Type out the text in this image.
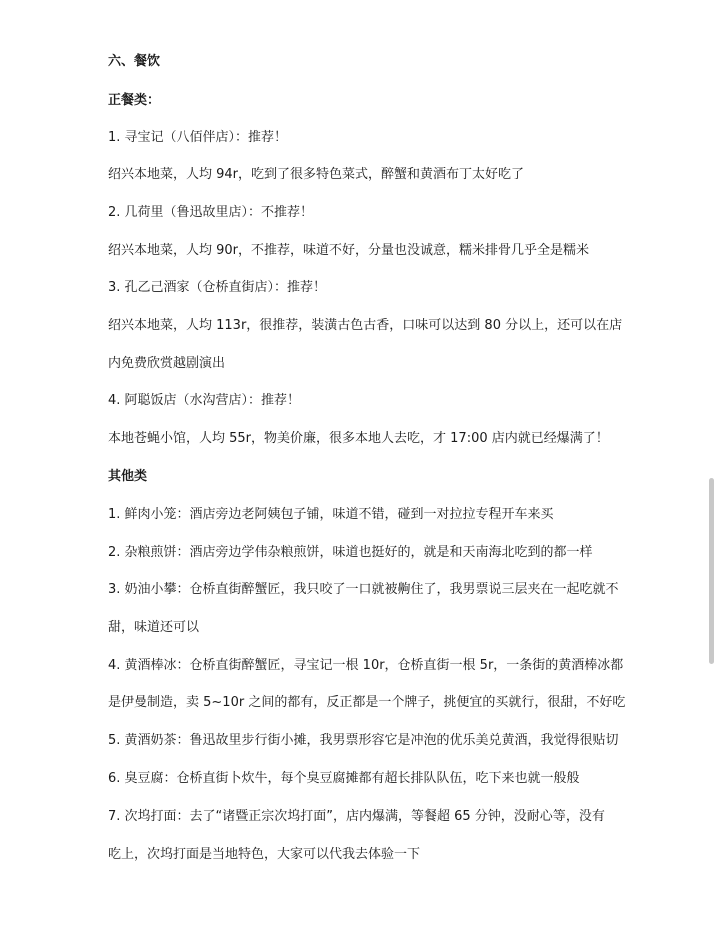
六、餐饮
正餐类：
1. 寻宝记（八佰伴店）：推荐！
绍兴本地菜，人均 94r，吃到了很多特色菜式，醉蟹和黄酒布丁太好吃了
2. 几荷里（鲁迅故里店）：不推荐！
绍兴本地菜，人均 90r，不推荐，味道不好，分量也没诚意，糯米排骨几乎全是糯米
3. 孔乙己酒家（仓桥直街店）：推荐！
绍兴本地菜，人均 113r，很推荐，装潢古色古香，口味可以达到 80 分以上，还可以在店
内免费欣赏越剧演出
4. 阿聪饭店（水沟营店）：推荐！
本地苍蝇小馆，人均 55r，物美价廉，很多本地人去吃，才 17:00 店内就已经爆满了！
其他类
1. 鲜肉小笼：酒店旁边老阿姨包子铺，味道不错，碰到一对拉拉专程开车来买
2. 杂粮煎饼：酒店旁边学伟杂粮煎饼，味道也挺好的，就是和天南海北吃到的都一样
3. 奶油小攀：仓桥直街醉蟹匠，我只咬了一口就被齁住了，我男票说三层夹在一起吃就不
甜，味道还可以
4. 黄酒棒冰：仓桥直街醉蟹匠，寻宝记一根 10r，仓桥直街一根 5r，一条街的黄酒棒冰都
是伊曼制造，卖 5~10r 之间的都有，反正都是一个牌子，挑便宜的买就行，很甜，不好吃
5. 黄酒奶茶：鲁迅故里步行街小摊，我男票形容它是冲泡的优乐美兑黄酒，我觉得很贴切
6. 臭豆腐：仓桥直街卜炊牛，每个臭豆腐摊都有超长排队队伍，吃下来也就一般般
7. 次坞打面：去了“诸暨正宗次坞打面”，店内爆满，等餐超 65 分钟，没耐心等，没有
吃上，次坞打面是当地特色，大家可以代我去体验一下
